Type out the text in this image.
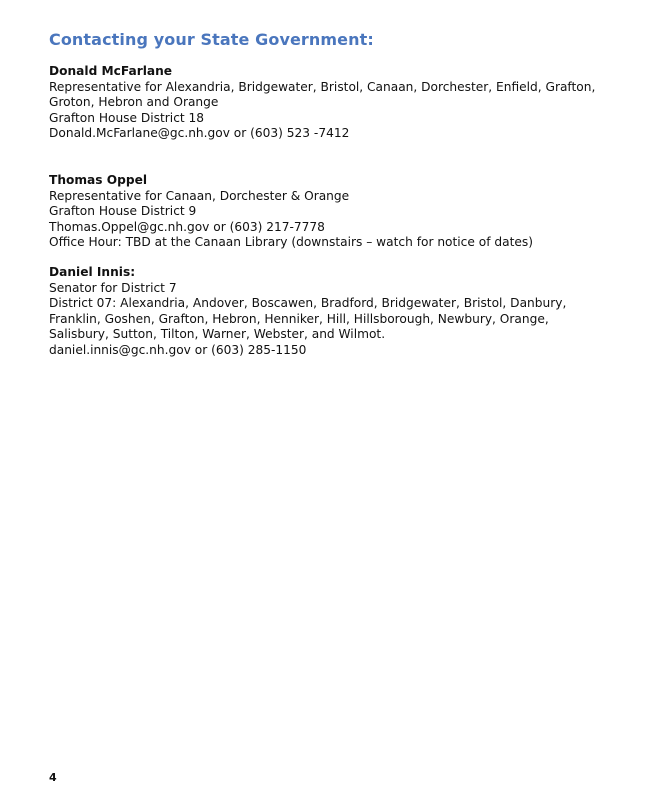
Contacting your State Government:
Donald McFarlane
Representative for Alexandria, Bridgewater, Bristol, Canaan, Dorchester, Enfield, Grafton,
Groton, Hebron and Orange
Grafton House District 18
Donald.McFarlane@gc.nh.gov or (603) 523 -7412
Thomas Oppel
Representative for Canaan, Dorchester & Orange
Grafton House District 9
Thomas.Oppel@gc.nh.gov or (603) 217-7778
Office Hour: TBD at the Canaan Library (downstairs – watch for notice of dates)
Daniel Innis:
Senator for District 7
District 07: Alexandria, Andover, Boscawen, Bradford, Bridgewater, Bristol, Danbury,
Franklin, Goshen, Grafton, Hebron, Henniker, Hill, Hillsborough, Newbury, Orange,
Salisbury, Sutton, Tilton, Warner, Webster, and Wilmot.
daniel.innis@gc.nh.gov or (603) 285-1150
4
